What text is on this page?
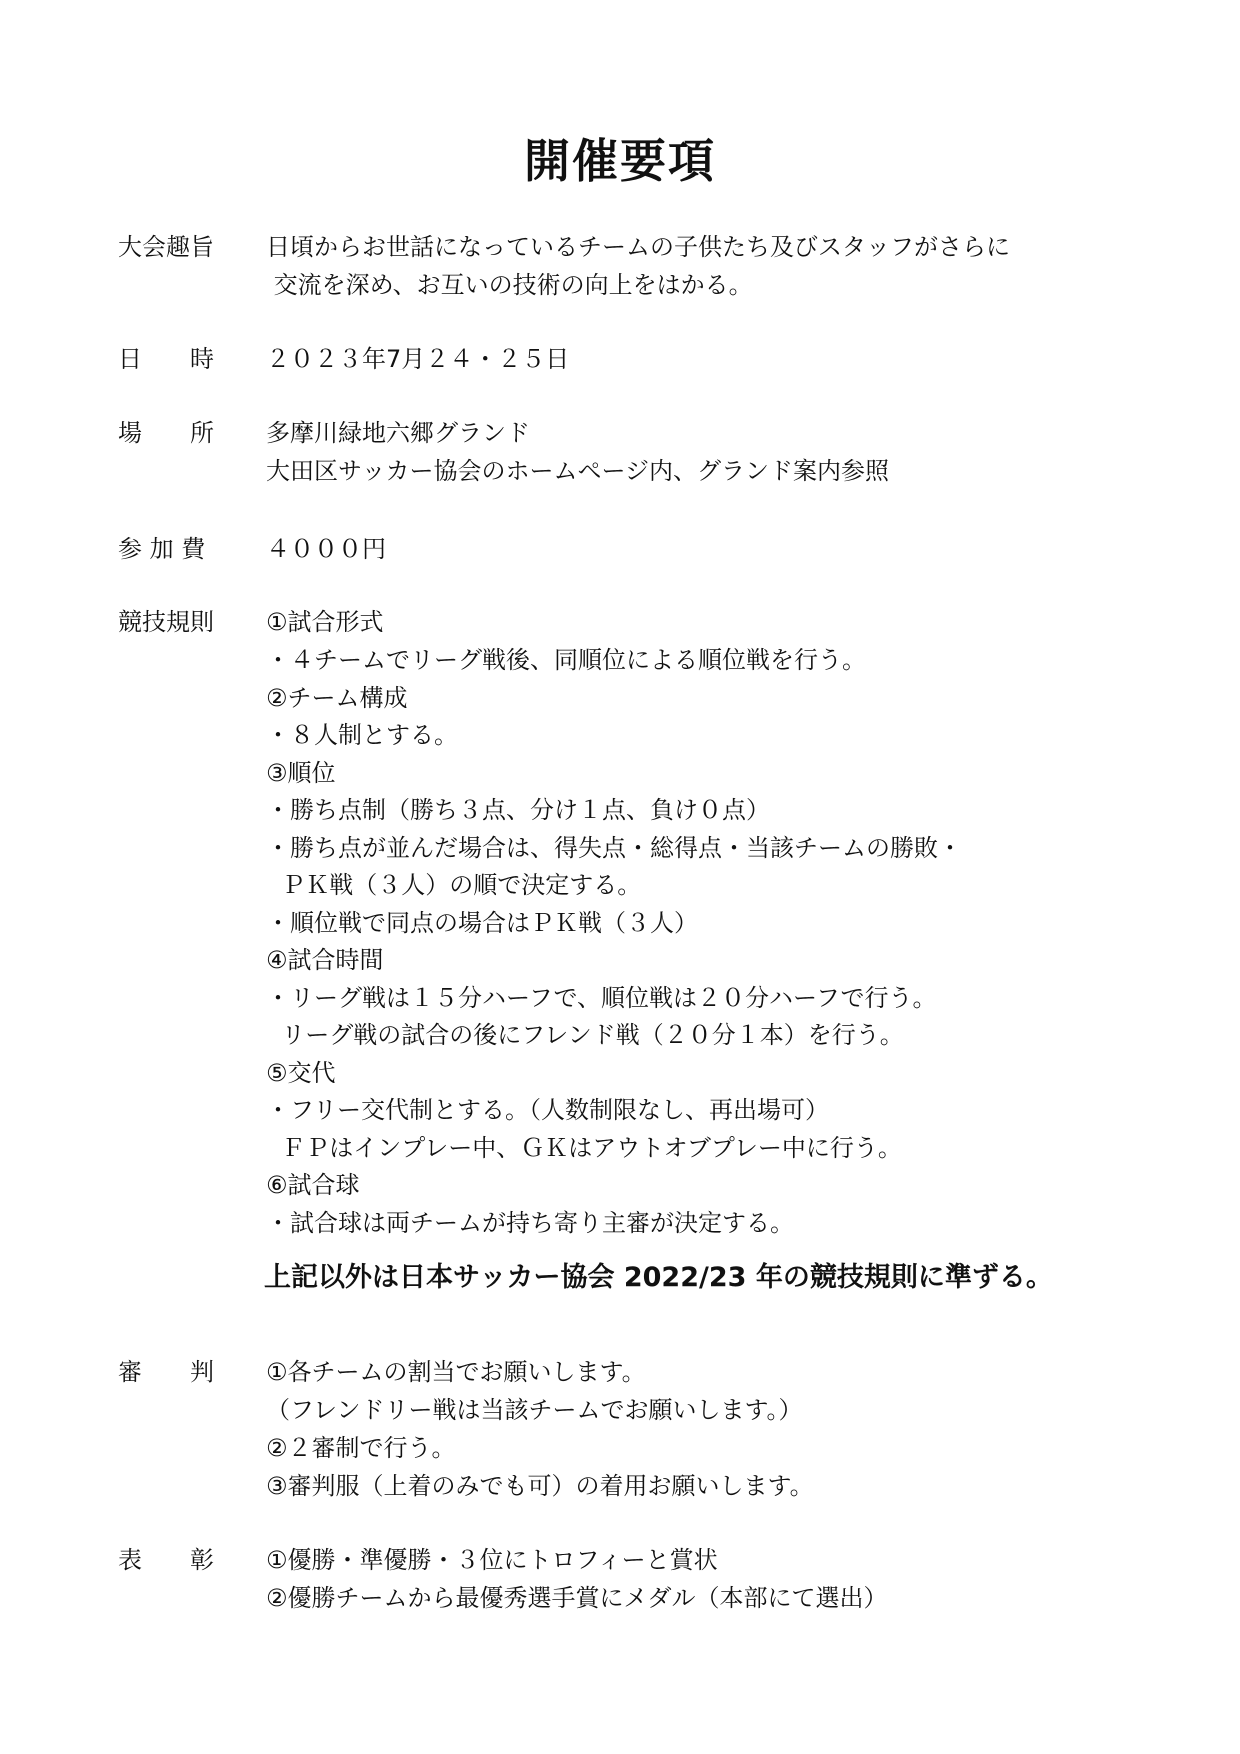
開催要項
大会趣旨 日頃からお世話になっているチームの子供たち及びスタッフがさらに
交流を深め、お互いの技術の向上をはかる。
日　　時 ２０２３年7月２４・２５日
場　　所 多摩川緑地六郷グランド
大田区サッカー協会のホームページ内、グランド案内参照
参 加 費	４０００円
競技規則 ①試合形式
・４チームでリーグ戦後、同順位による順位戦を行う。
②チーム構成
・８人制とする。
③順位
・勝ち点制（勝ち３点、分け１点、負け０点）
・勝ち点が並んだ場合は、得失点・総得点・当該チームの勝敗・
ＰＫ戦（３人）の順で決定する。
・順位戦で同点の場合はＰＫ戦（３人）
④試合時間
・リーグ戦は１５分ハーフで、順位戦は２０分ハーフで行う。
リーグ戦の試合の後にフレンド戦（２０分１本）を行う。
⑤交代
・フリー交代制とする。（人数制限なし、再出場可）
ＦＰはインプレー中、ＧＫはアウトオブプレー中に行う。
⑥試合球
・試合球は両チームが持ち寄り主審が決定する。
上記以外は日本サッカー協会 2022/23 年の競技規則に準ずる。
審　　判 ①各チームの割当でお願いします。
（フレンドリー戦は当該チームでお願いします。）
②２審制で行う。
③審判服（上着のみでも可）の着用お願いします。
表　　彰 ①優勝・準優勝・３位にトロフィーと賞状
②優勝チームから最優秀選手賞にメダル（本部にて選出）
